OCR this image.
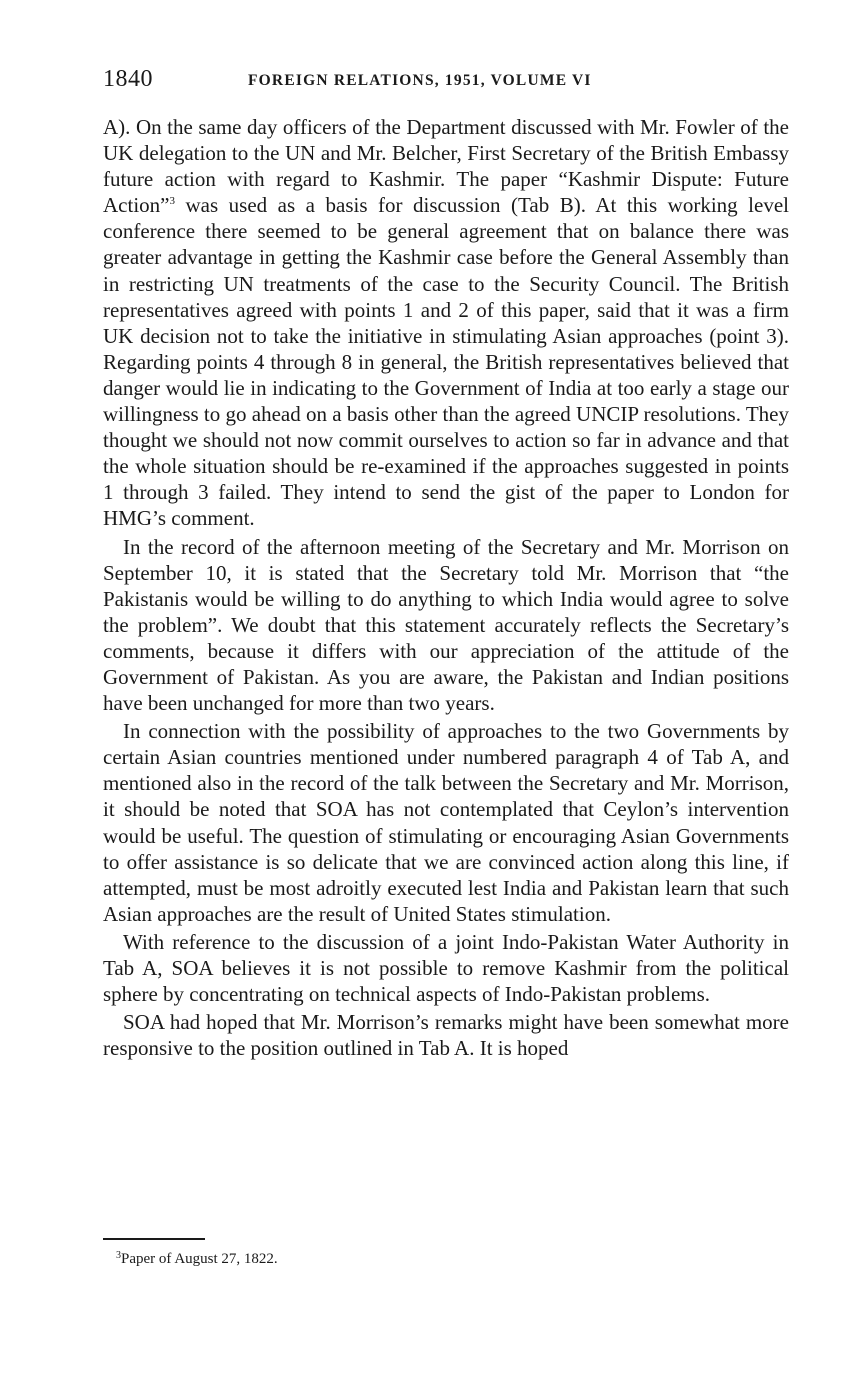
1840	FOREIGN RELATIONS, 1951, VOLUME VI

A). On the same day officers of the Department discussed with Mr. Fowler of the UK delegation to the UN and Mr. Belcher, First Secretary of the British Embassy future action with regard to Kashmir. The paper “Kashmir Dispute: Future Action”$^3$ was used as a basis for discussion (Tab B). At this working level conference there seemed to be general agreement that on balance there was greater advantage in getting the Kashmir case before the General Assembly than in restricting UN treatments of the case to the Security Council. The British representatives agreed with points 1 and 2 of this paper, said that it was a firm UK decision not to take the initiative in stimulating Asian approaches (point 3). Regarding points 4 through 8 in general, the British representatives believed that danger would lie in indicating to the Government of India at too early a stage our willingness to go ahead on a basis other than the agreed UNCIP resolutions. They thought we should not now commit ourselves to action so far in advance and that the whole situation should be re-examined if the approaches suggested in points 1 through 3 failed. They intend to send the gist of the paper to London for HMG’s comment.

In the record of the afternoon meeting of the Secretary and Mr. Morrison on September 10, it is stated that the Secretary told Mr. Morrison that “the Pakistanis would be willing to do anything to which India would agree to solve the problem”. We doubt that this statement accurately reflects the Secretary’s comments, because it differs with our appreciation of the attitude of the Government of Pakistan. As you are aware, the Pakistan and Indian positions have been unchanged for more than two years.

In connection with the possibility of approaches to the two Governments by certain Asian countries mentioned under numbered paragraph 4 of Tab A, and mentioned also in the record of the talk between the Secretary and Mr. Morrison, it should be noted that SOA has not contemplated that Ceylon’s intervention would be useful. The question of stimulating or encouraging Asian Governments to offer assistance is so delicate that we are convinced action along this line, if attempted, must be most adroitly executed lest India and Pakistan learn that such Asian approaches are the result of United States stimulation.

With reference to the discussion of a joint Indo-Pakistan Water Authority in Tab A, SOA believes it is not possible to remove Kashmir from the political sphere by concentrating on technical aspects of Indo-Pakistan problems.

SOA had hoped that Mr. Morrison’s remarks might have been somewhat more responsive to the position outlined in Tab A. It is hoped

$^3$Paper of August 27, 1822.
